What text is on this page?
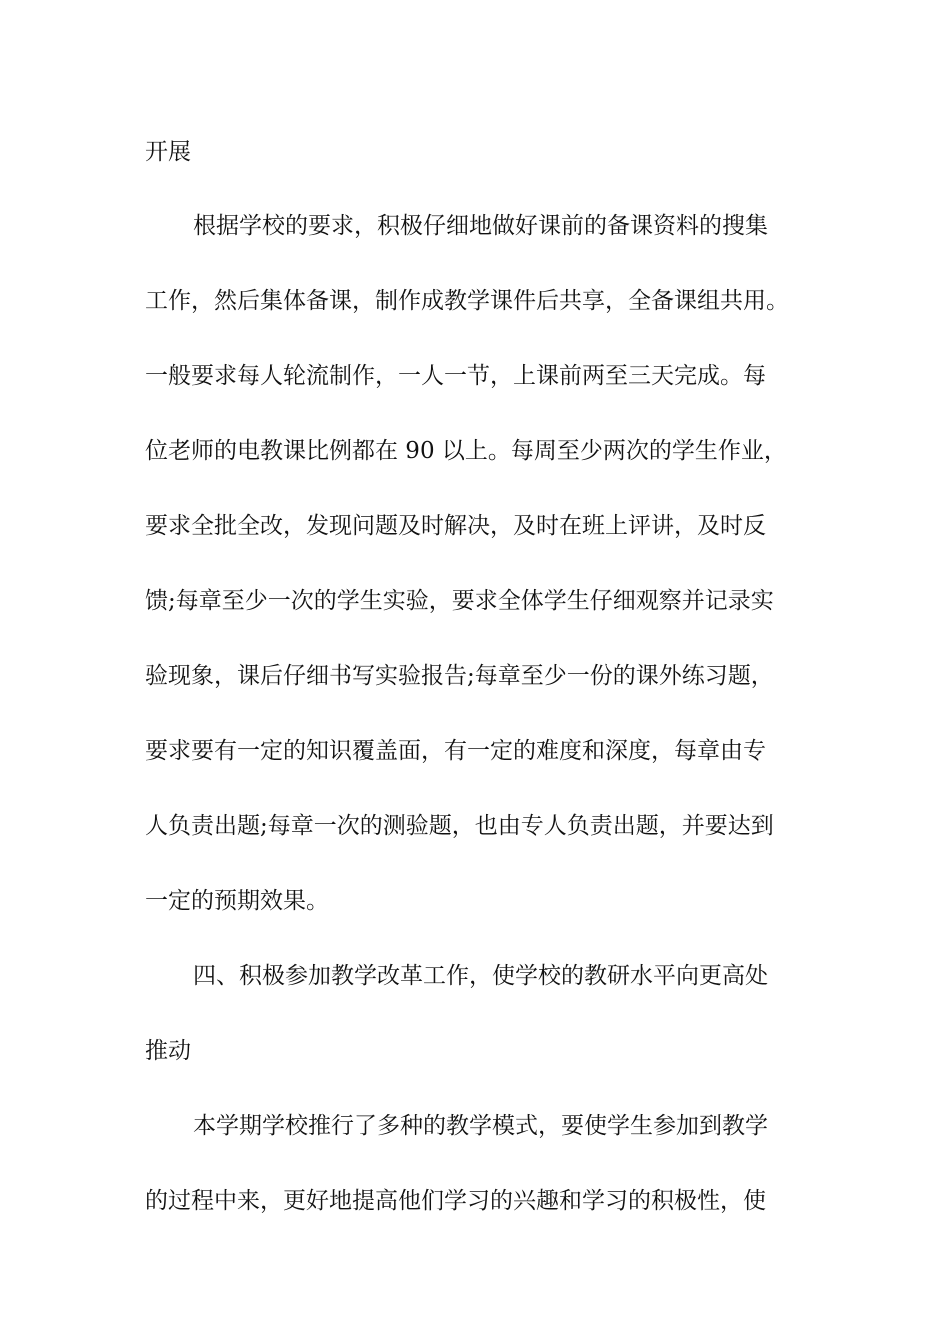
开展
根据学校的要求，积极仔细地做好课前的备课资料的搜集
工作，然后集体备课，制作成教学课件后共享，全备课组共用。
一般要求每人轮流制作，一人一节，上课前两至三天完成。每
位老师的电教课比例都在 90 以上。每周至少两次的学生作业，
要求全批全改，发现问题及时解决，及时在班上评讲，及时反
馈;每章至少一次的学生实验，要求全体学生仔细观察并记录实
验现象，课后仔细书写实验报告;每章至少一份的课外练习题，
要求要有一定的知识覆盖面，有一定的难度和深度，每章由专
人负责出题;每章一次的测验题，也由专人负责出题，并要达到
一定的预期效果。
四、积极参加教学改革工作，使学校的教研水平向更高处
推动
本学期学校推行了多种的教学模式，要使学生参加到教学
的过程中来，更好地提高他们学习的兴趣和学习的积极性，使
